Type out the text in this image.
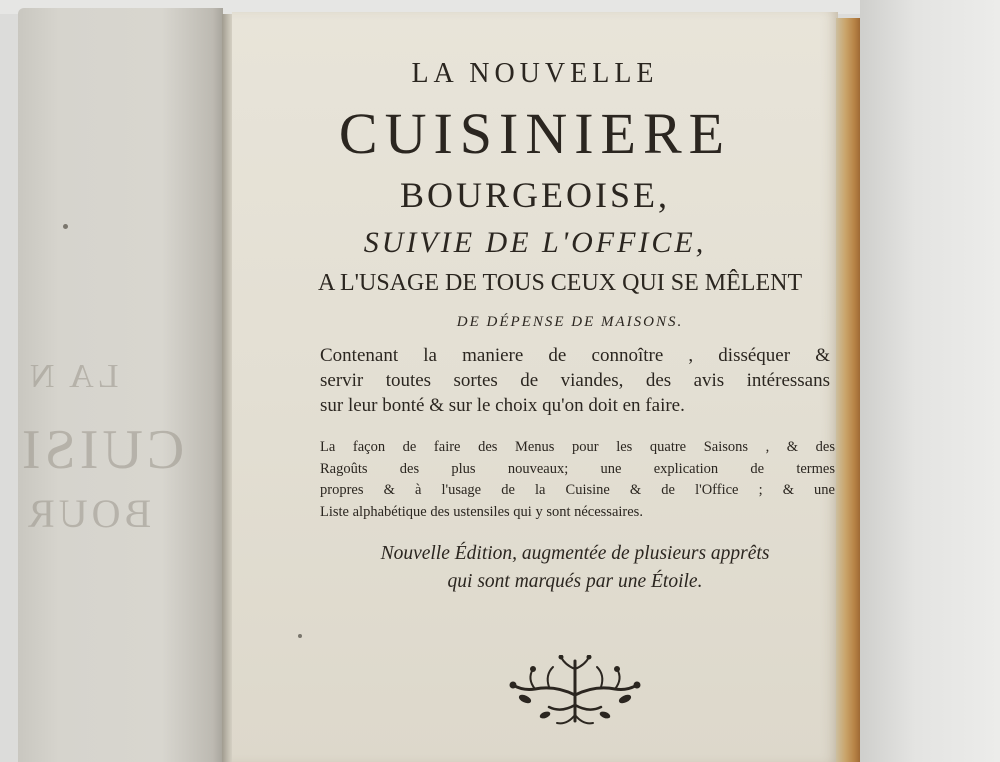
LA N
CUISI
BOUR
LA NOUVELLE
CUISINIERE
BOURGEOISE,
SUIVIE DE L'OFFICE,
A L'USAGE DE TOUS CEUX QUI SE MÊLENT
DE DÉPENSE DE MAISONS.
Contenant la maniere de connoître , disséquer &
servir toutes sortes de viandes, des avis intéressans
sur leur bonté & sur le choix qu'on doit en faire.
La façon de faire des Menus pour les quatre Saisons , & des
Ragoûts des plus nouveaux; une explication de termes
propres & à l'usage de la Cuisine & de l'Office ; & une
Liste alphabétique des ustensiles qui y sont nécessaires.
Nouvelle Édition, augmentée de plusieurs apprêts
qui sont marqués par une Étoile.
